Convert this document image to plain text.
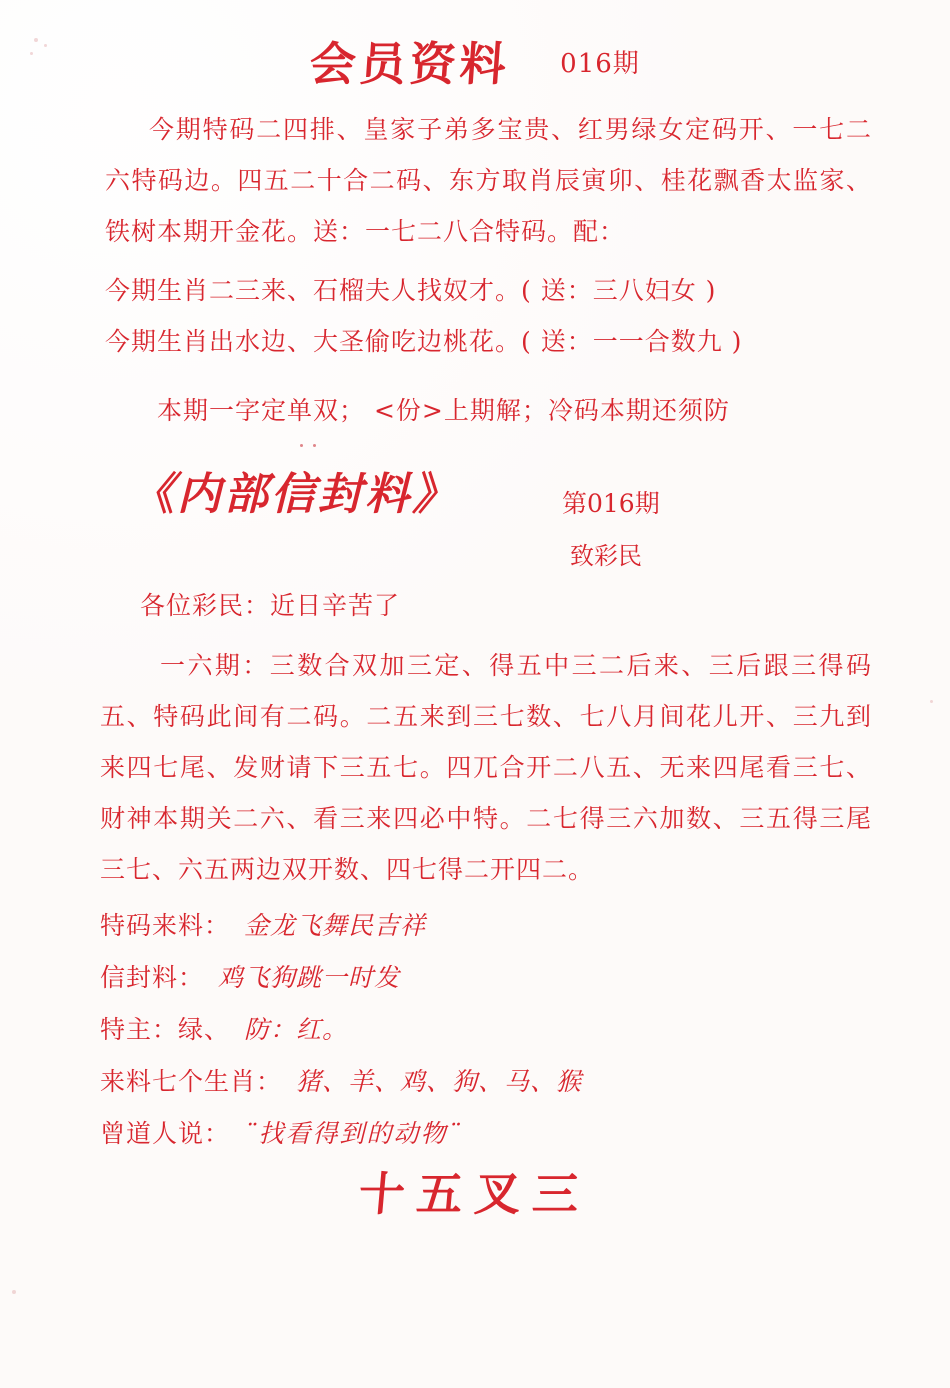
会员资料 016期

今期特码二四排、皇家子弟多宝贵、红男绿女定码开、一七二六特码边。四五二十合二码、东方取肖辰寅卯、桂花飘香太监家、铁树本期开金花。送：一七二八合特码。配：

今期生肖二三来、石榴夫人找奴才。( 送：三八妇女 )

今期生肖出水边、大圣偷吃边桃花。( 送：一一合数九 )

本期一字定单双； <份>上期解；冷码本期还须防

《内部信封料》	第016期
致彩民
各位彩民：近日辛苦了

一六期：三数合双加三定、得五中三二后来、三后跟三得码五、特码此间有二码。二五来到三七数、七八月间花儿开、三九到来四七尾、发财请下三五七。四兀合开二八五、无来四尾看三七、财神本期关二六、看三来四必中特。二七得三六加数、三五得三尾三七、六五两边双开数、四七得二开四二。

特码来料： 金龙飞舞民吉祥
信封料： 鸡飞狗跳一时发
特主：绿、 防：红。
来料七个生肖： 猪、羊、鸡、狗、马、猴
曾道人说： ¨找看得到的动物¨
十五叉三
